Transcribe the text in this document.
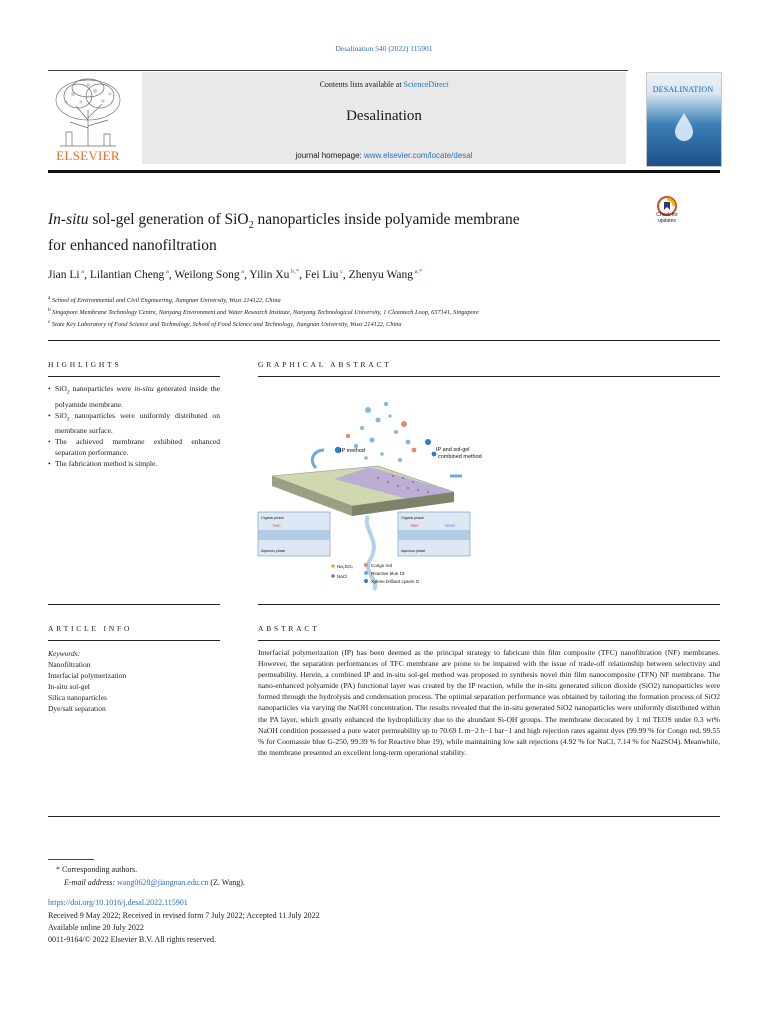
Desalination 540 (2022) 115901
ELSEVIER
Contents lists available at ScienceDirect
Desalination
journal homepage: www.elsevier.com/locate/desal
DESALINATION
In-situ sol-gel generation of SiO$_2$ nanoparticles inside polyamide membrane
for enhanced nanofiltration
Check for updates
Jian Li $^a$, Lilantian Cheng $^a$, Weilong Song $^a$, Yilin Xu $^{b,*}$, Fei Liu $^c$, Zhenyu Wang $^{a,*}$
$^a$ School of Environmental and Civil Engineering, Jiangnan University, Wuxi 214122, China
$^b$ Singapore Membrane Technology Centre, Nanyang Environment and Water Research Institute, Nanyang Technological University, 1 Cleantech Loop, 637141, Singapore
$^c$ State Key Laboratory of Food Science and Technology, School of Food Science and Technology, Jiangnan University, Wuxi 214122, China
HIGHLIGHTS
• SiO$_2$ nanoparticles were in-situ generated inside the polyamide membrane.
• SiO$_2$ nanoparticles were uniformly distributed on membrane surface.
• The achieved membrane exhibited enhanced separation performance.
• The fabrication method is simple.
GRAPHICAL ABSTRACT
IP method	IP and sol-gel
combined method
Organic phase
TMC
Aqueous phase
Organic phase
TMC	TEOS
Aqueous phase
Na₂SO₄
NaCl
Congo red
Reactive blue 19
Xylene brilliant cyanin G
ARTICLE INFO
Keywords:
Nanofiltration
Interfacial polymerization
In-situ sol-gel
Silica nanoparticles
Dye/salt separation
ABSTRACT
Interfacial polymerization (IP) has been deemed as the principal strategy to fabricate thin film composite (TFC) nanofiltration (NF) membranes. However, the separation performances of TFC membrane are prone to be impaired with the issue of trade-off relationship between selectivity and permeability. Herein, a combined IP and in-situ sol-gel method was proposed to synthesis novel thin film nanocomposite (TFN) NF membrane. The nano-enhanced polyamide (PA) functional layer was created by the IP reaction, while the in-situ generated silicon dioxide (SiO2) nanoparticles were formed through the hydrolysis and condensation process. The optimal separation performance was obtained by tailoring the formation process of SiO2 nanoparticles via varying the NaOH concentration. The results revealed that the in-situ generated SiO2 nanoparticles were uniformly distributed within the PA layer, which greatly enhanced the hydrophilicity due to the abundant Si-OH groups. The membrane decorated by 1 ml TEOS under 0.3 wt% NaOH condition possessed a pure water permeability up to 70.69 L m−2 h−1 bar−1 and high rejection rates against dyes (99.99 % for Congo red, 99.55 % for Coomassie blue G-250, 99.39 % for Reactive blue 19), while maintaining low salt rejections (4.92 % for NaCl, 7.14 % for Na2SO4). Meanwhile, the membrane presented an excellent long-term operational stability.
* Corresponding authors.
E-mail address: wang0628@jiangnan.edu.cn (Z. Wang).
https://doi.org/10.1016/j.desal.2022.115901
Received 9 May 2022; Received in revised form 7 July 2022; Accepted 11 July 2022
Available online 20 July 2022
0011-9164/© 2022 Elsevier B.V. All rights reserved.
